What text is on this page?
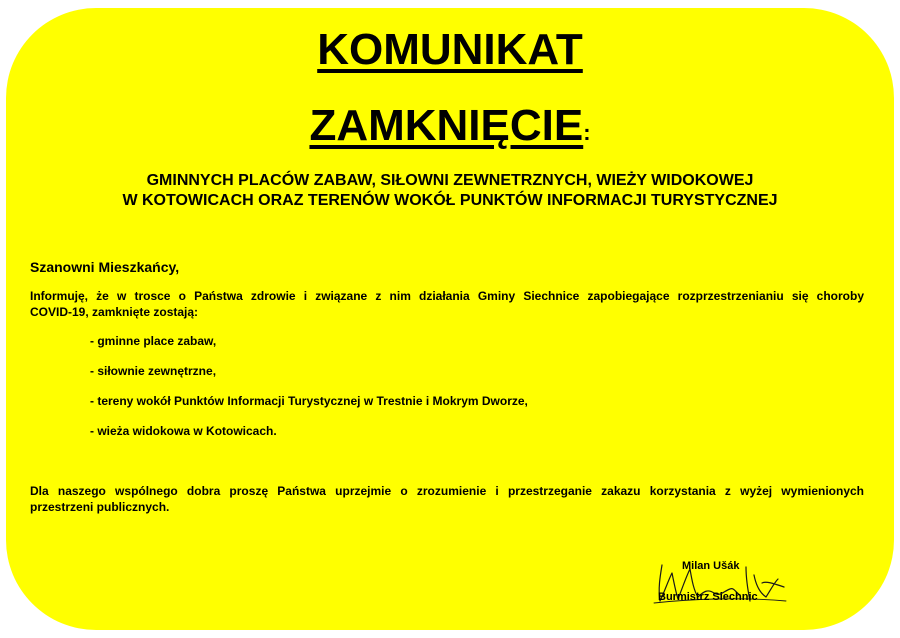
KOMUNIKAT
ZAMKNIĘCIE:
GMINNYCH PLACÓW ZABAW, SIŁOWNI ZEWNETRZNYCH, WIEŻY WIDOKOWEJ
W KOTOWICACH ORAZ TERENÓW WOKÓŁ PUNKTÓW INFORMACJI TURYSTYCZNEJ
Szanowni Mieszkańcy,
Informuję, że w trosce o Państwa zdrowie i związane z nim działania Gminy Siechnice zapobiegające rozprzestrzenianiu się choroby
COVID-19, zamknięte zostają:
- gminne place zabaw,
- siłownie zewnętrzne,
- tereny wokół Punktów Informacji Turystycznej w Trestnie i Mokrym Dworze,
- wieża widokowa w Kotowicach.
Dla naszego wspólnego dobra proszę Państwa uprzejmie o zrozumienie i przestrzeganie zakazu korzystania z wyżej wymienionych
przestrzeni publicznych.
Milan Ušák
Burmistrz Siechnic
